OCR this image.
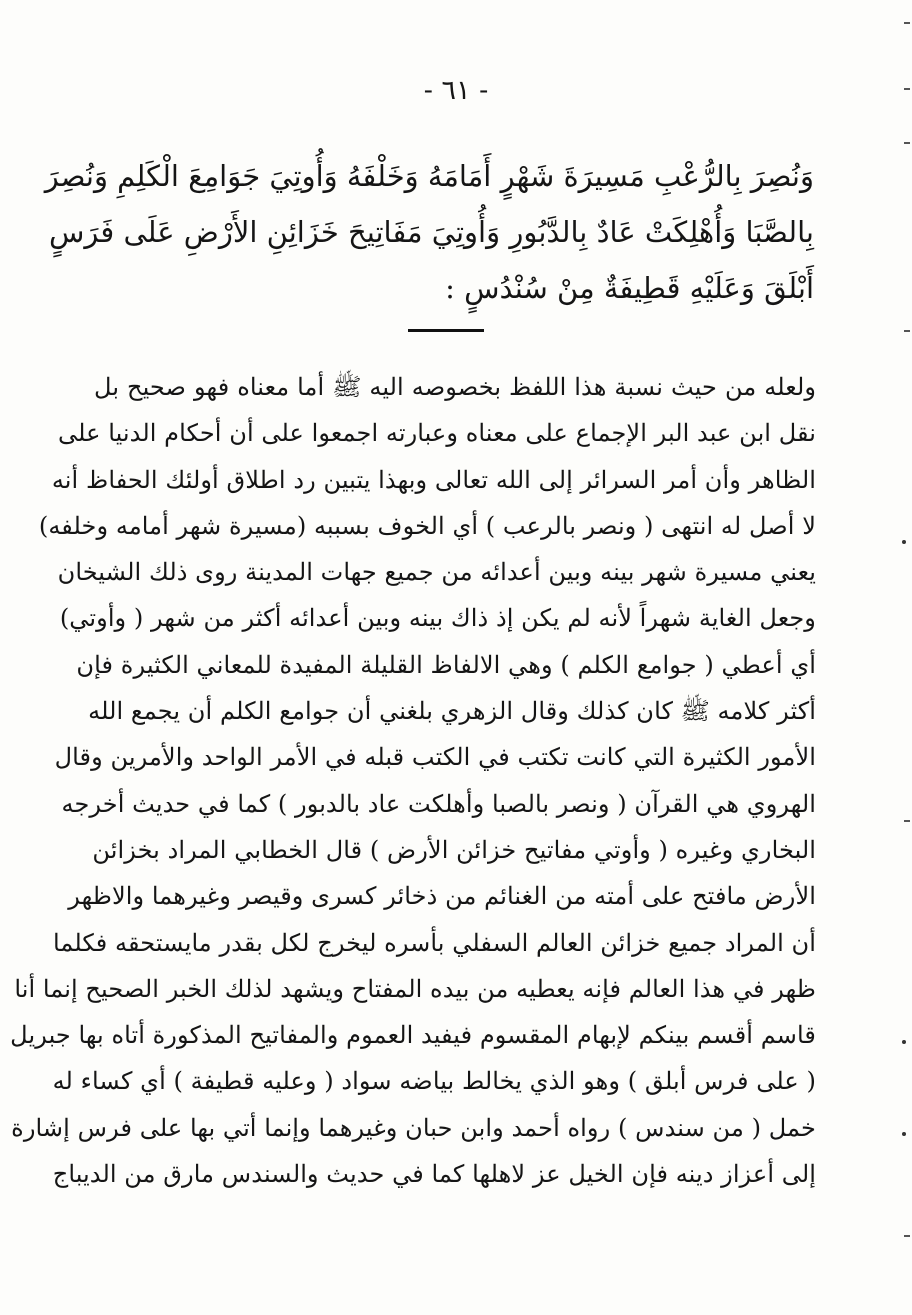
- ٦١ -
وَنُصِرَ بِالرُّعْبِ مَسِيرَةَ شَهْرٍ أَمَامَهُ وَخَلْفَهُ وَأُوتِيَ جَوَامِعَ الْكَلِمِ وَنُصِرَ
بِالصَّبَا وَأُهْلِكَتْ عَادٌ بِالدَّبُورِ وَأُوتِيَ مَفَاتِيحَ خَزَائِنِ الأَرْضِ عَلَى فَرَسٍ
أَبْلَقَ وَعَلَيْهِ قَطِيفَةٌ مِنْ سُنْدُسٍ :
ولعله من حيث نسبة هذا اللفظ بخصوصه اليه ﷺ أما معناه فهو صحيح بل
نقل ابن عبد البر الإجماع على معناه وعبارته اجمعوا على أن أحكام الدنيا على
الظاهر وأن أمر السرائر إلى الله تعالى وبهذا يتبين رد اطلاق أولئك الحفاظ أنه
لا أصل له انتهى ( ونصر بالرعب ) أي الخوف بسببه (مسيرة شهر أمامه وخلفه)
يعني مسيرة شهر بينه وبين أعدائه من جميع جهات المدينة روى ذلك الشيخان
وجعل الغاية شهراً لأنه لم يكن إذ ذاك بينه وبين أعدائه أكثر من شهر ( وأوتي)
أي أعطي ( جوامع الكلم ) وهي الالفاظ القليلة المفيدة للمعاني الكثيرة فإن
أكثر كلامه ﷺ كان كذلك وقال الزهري بلغني أن جوامع الكلم أن يجمع الله
الأمور الكثيرة التي كانت تكتب في الكتب قبله في الأمر الواحد والأمرين وقال
الهروي هي القرآن ( ونصر بالصبا وأهلكت عاد بالدبور ) كما في حديث أخرجه
البخاري وغيره ( وأوتي مفاتيح خزائن الأرض ) قال الخطابي المراد بخزائن
الأرض مافتح على أمته من الغنائم من ذخائر كسرى وقيصر وغيرهما والاظهر
أن المراد جميع خزائن العالم السفلي بأسره ليخرج لكل بقدر مايستحقه فكلما
ظهر في هذا العالم فإنه يعطيه من بيده المفتاح ويشهد لذلك الخبر الصحيح إنما أنا
قاسم أقسم بينكم لإبهام المقسوم فيفيد العموم والمفاتيح المذكورة أتاه بها جبريل
( على فرس أبلق ) وهو الذي يخالط بياضه سواد ( وعليه قطيفة ) أي كساء له
خمل ( من سندس ) رواه أحمد وابن حبان وغيرهما وإنما أتي بها على فرس إشارة
إلى أعزاز دينه فإن الخيل عز لاهلها كما في حديث والسندس مارق من الديباج
